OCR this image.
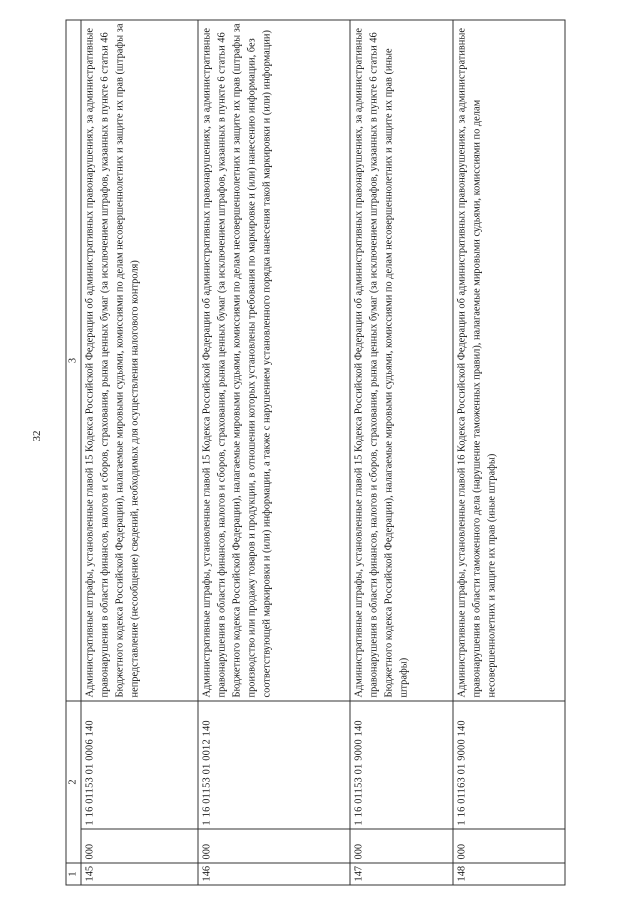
32
1	2		3
145	000	1 16 01153 01 0006 140	Административные штрафы, установленные главой 15 Кодекса Российской Федерации об административных правонарушениях, за административные правонарушения в области финансов, налогов и сборов, страхования, рынка ценных бумаг (за исключением штрафов, указанных в пункте 6 статьи 46 Бюджетного кодекса Российской Федерации), налагаемые мировыми судьями, комиссиями по делам несовершеннолетних и защите их прав (штрафы за непредставление (несообщение) сведений, необходимых для осуществления налогового контроля)
146	000	1 16 01153 01 0012 140	Административные штрафы, установленные главой 15 Кодекса Российской Федерации об административных правонарушениях, за административные правонарушения в области финансов, налогов и сборов, страхования, рынка ценных бумаг (за исключением штрафов, указанных в пункте 6 статьи 46 Бюджетного кодекса Российской Федерации), налагаемые мировыми судьями, комиссиями по делам несовершеннолетних и защите их прав (штрафы за производство или продажу товаров и продукции, в отношении которых установлены требования по маркировке и (или) нанесению информации, без соответствующей маркировки и (или) информации, а также с нарушением установленного порядка нанесения такой маркировки и (или) информации)
147	000	1 16 01153 01 9000 140	Административные штрафы, установленные главой 15 Кодекса Российской Федерации об административных правонарушениях, за административные правонарушения в области финансов, налогов и сборов, страхования, рынка ценных бумаг (за исключением штрафов, указанных в пункте 6 статьи 46 Бюджетного кодекса Российской Федерации), налагаемые мировыми судьями, комиссиями по делам несовершеннолетних и защите их прав (иные штрафы)
148	000	1 16 01163 01 9000 140	Административные штрафы, установленные главой 16 Кодекса Российской Федерации об административных правонарушениях, за административные правонарушения в области таможенного дела (нарушение таможенных правил), налагаемые мировыми судьями, комиссиями по делам несовершеннолетних и защите их прав (иные штрафы)
